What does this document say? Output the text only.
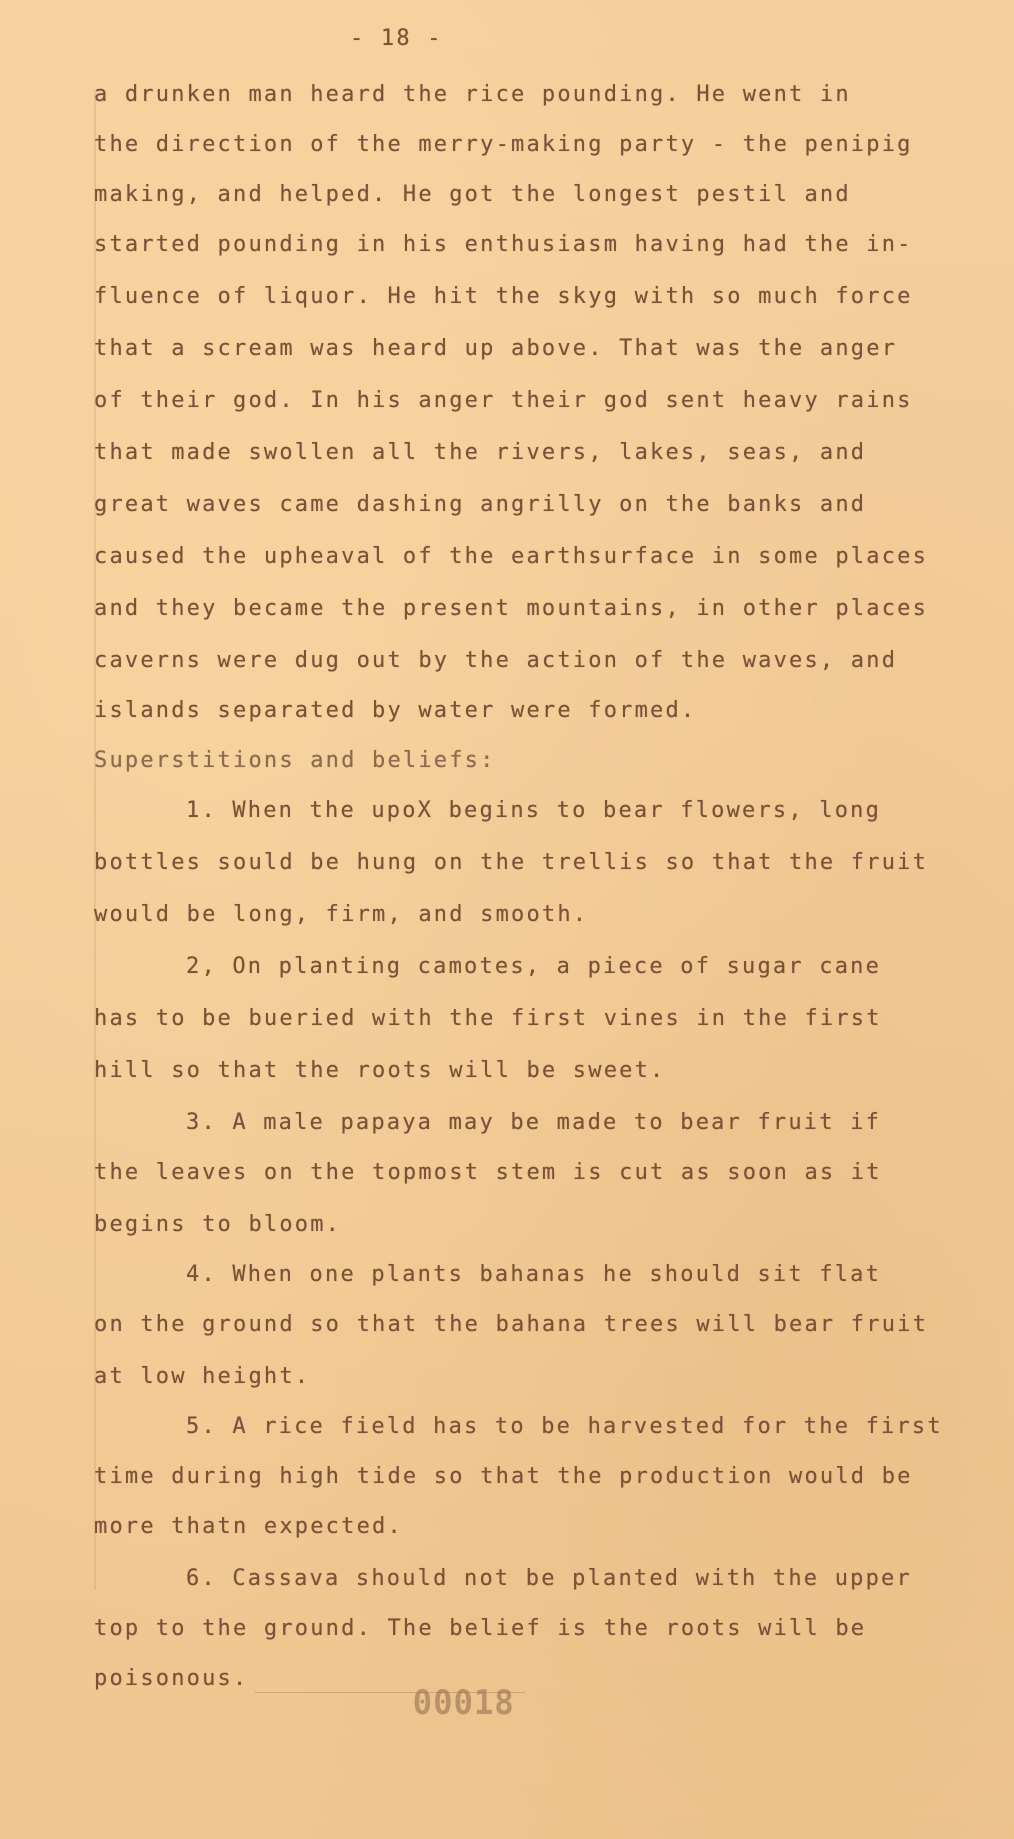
- 18 -
a drunken man heard the rice pounding. He went in
the direction of the merry-making party - the penipig
making, and helped. He got the longest pestil and
started pounding in his enthusiasm having had the in-
fluence of liquor. He hit the skyg with so much force
that a scream was heard up above. That was the anger
of their god. In his anger their god sent heavy rains
that made swollen all the rivers, lakes, seas, and
great waves came dashing angrilly on the banks and
caused the upheaval of the earthsurface in some places
and they became the present mountains, in other places
caverns were dug out by the action of the waves, and
islands separated by water were formed.
Superstitions and beliefs:
1. When the upoX begins to bear flowers, long
bottles sould be hung on the trellis so that the fruit
would be long, firm, and smooth.
2, On planting camotes, a piece of sugar cane
has to be bueried with the first vines in the first
hill so that the roots will be sweet.
3. A male papaya may be made to bear fruit if
the leaves on the topmost stem is cut as soon as it
begins to bloom.
4. When one plants bahanas he should sit flat
on the ground so that the bahana trees will bear fruit
at low height.
5. A rice field has to be harvested for the first
time during high tide so that the production would be
more thatn expected.
6. Cassava should not be planted with the upper
top to the ground. The belief is the roots will be
poisonous.
00018
